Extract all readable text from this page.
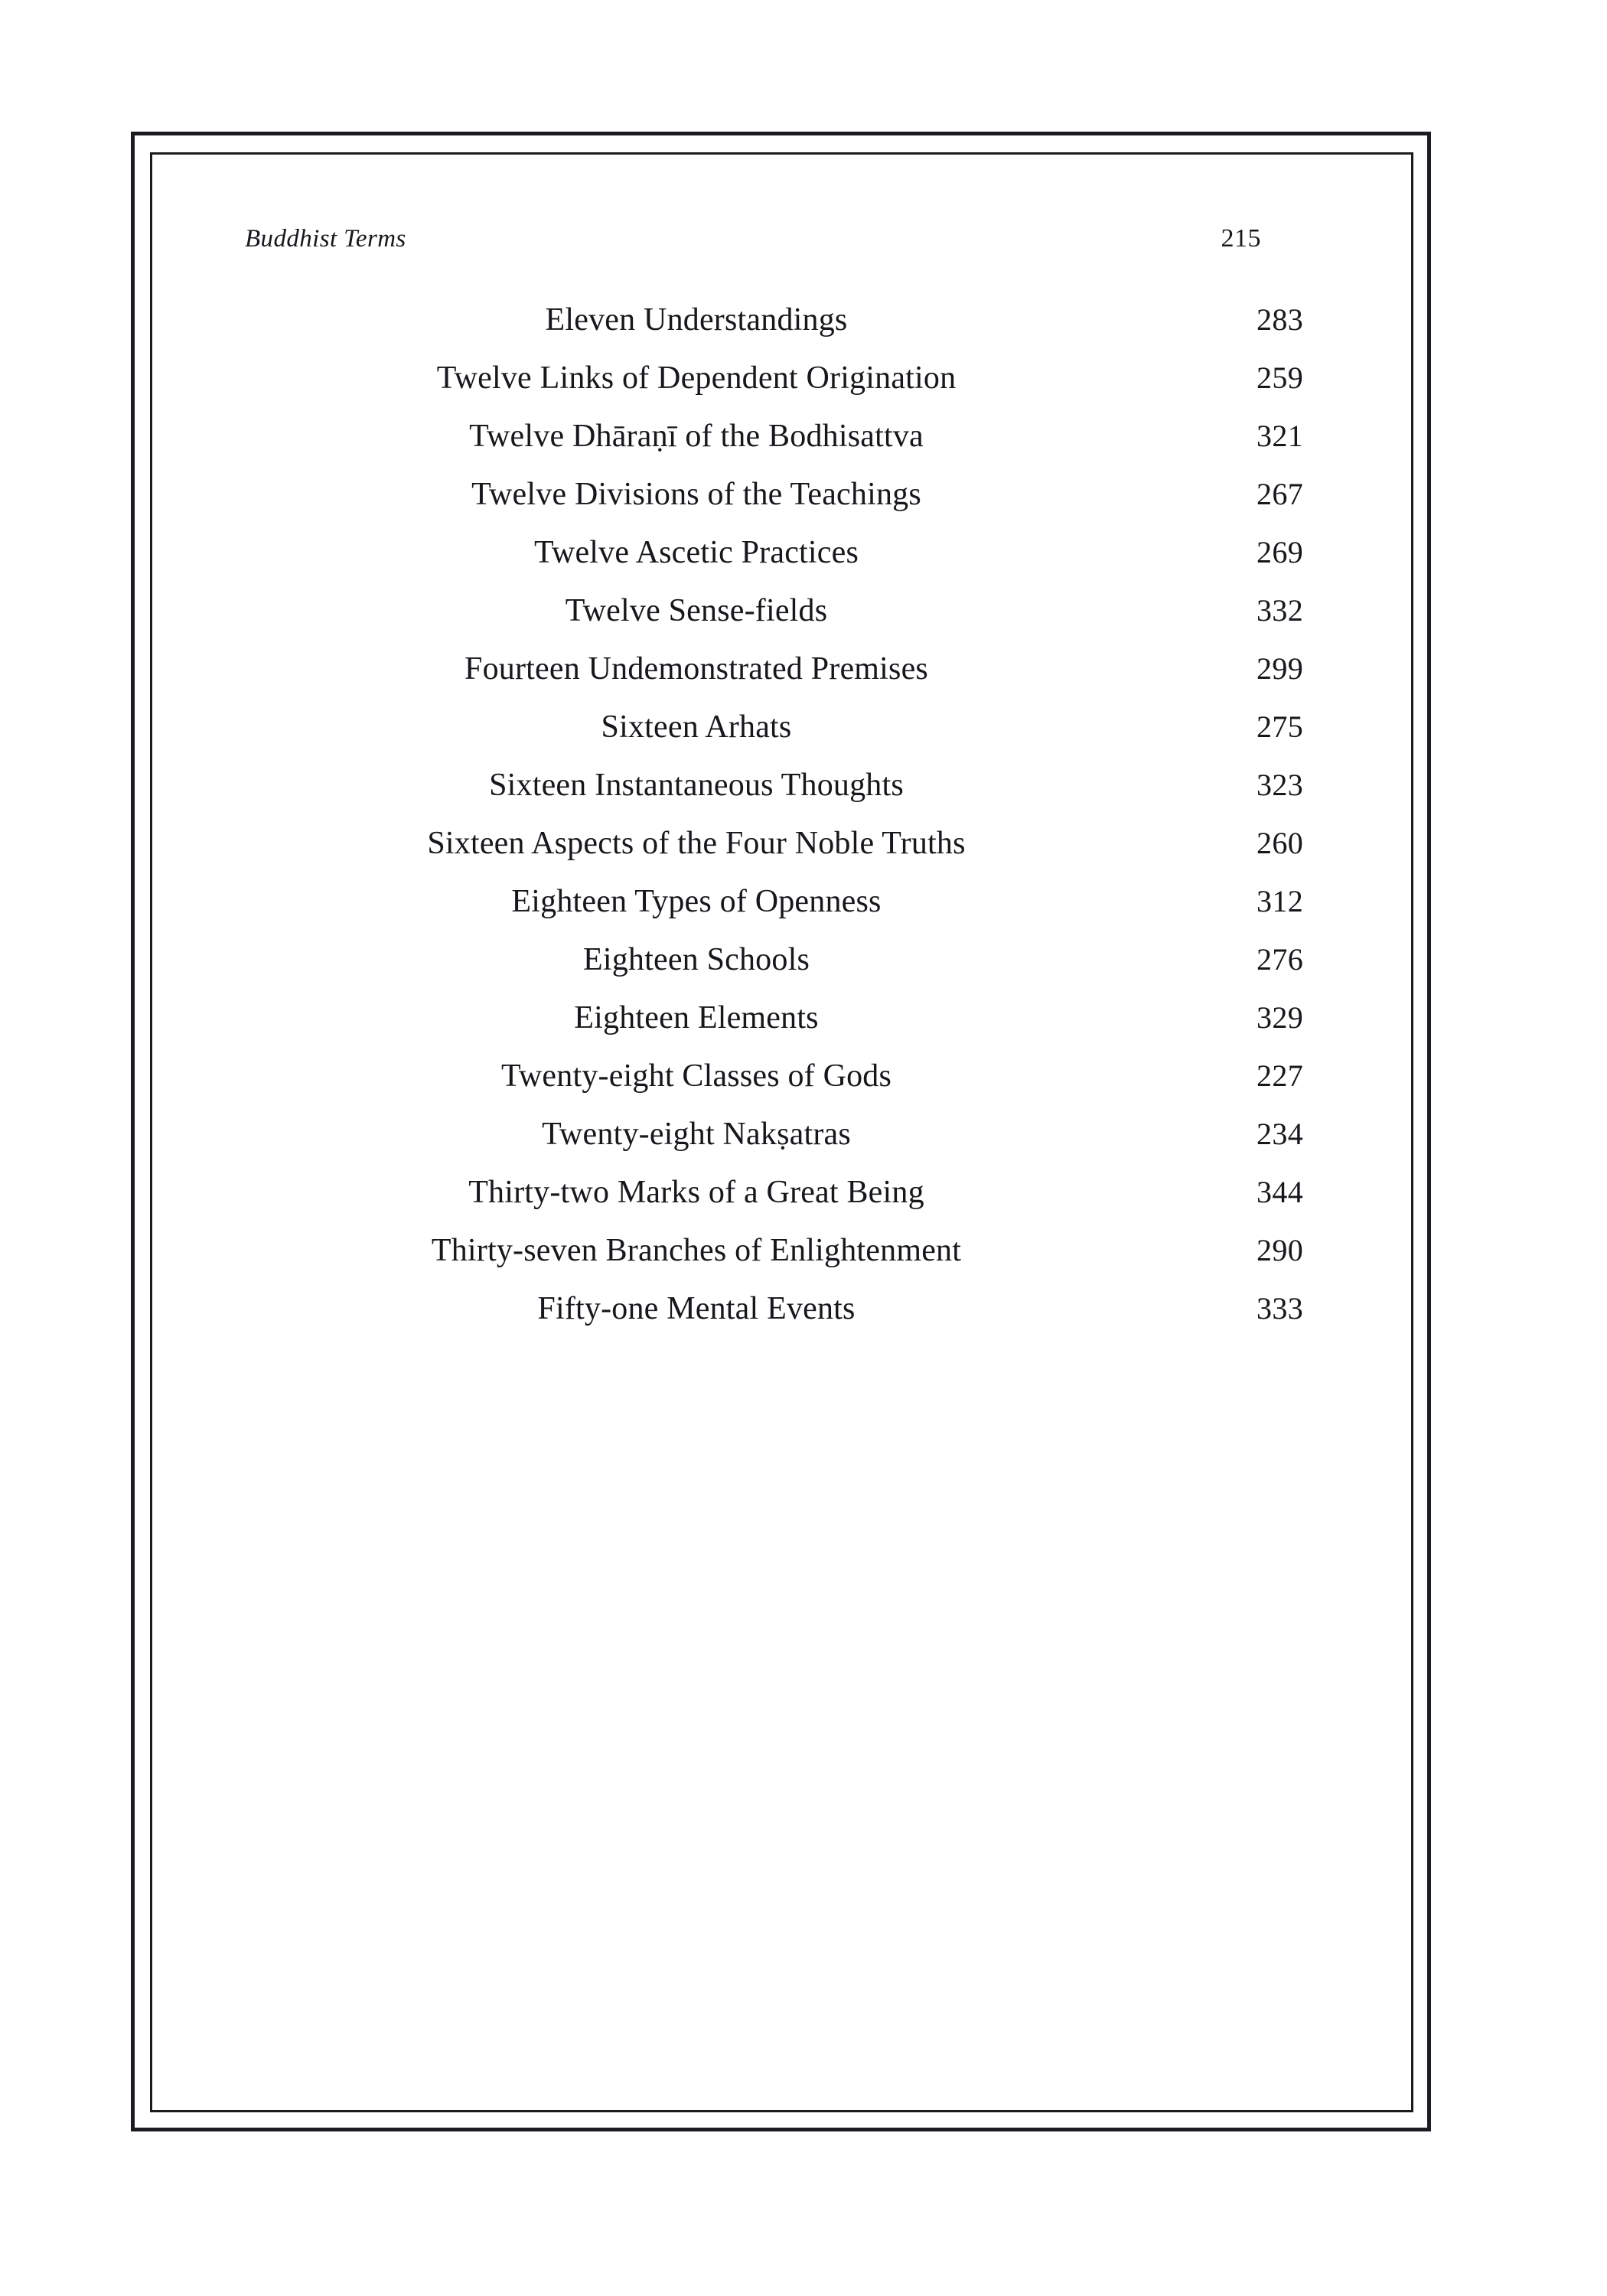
Buddhist Terms	215
Eleven Understandings	283
Twelve Links of Dependent Origination	259
Twelve Dhāraṇī of the Bodhisattva	321
Twelve Divisions of the Teachings	267
Twelve Ascetic Practices	269
Twelve Sense-fields	332
Fourteen Undemonstrated Premises	299
Sixteen Arhats	275
Sixteen Instantaneous Thoughts	323
Sixteen Aspects of the Four Noble Truths	260
Eighteen Types of Openness	312
Eighteen Schools	276
Eighteen Elements	329
Twenty-eight Classes of Gods	227
Twenty-eight Nakṣatras	234
Thirty-two Marks of a Great Being	344
Thirty-seven Branches of Enlightenment	290
Fifty-one Mental Events	333
